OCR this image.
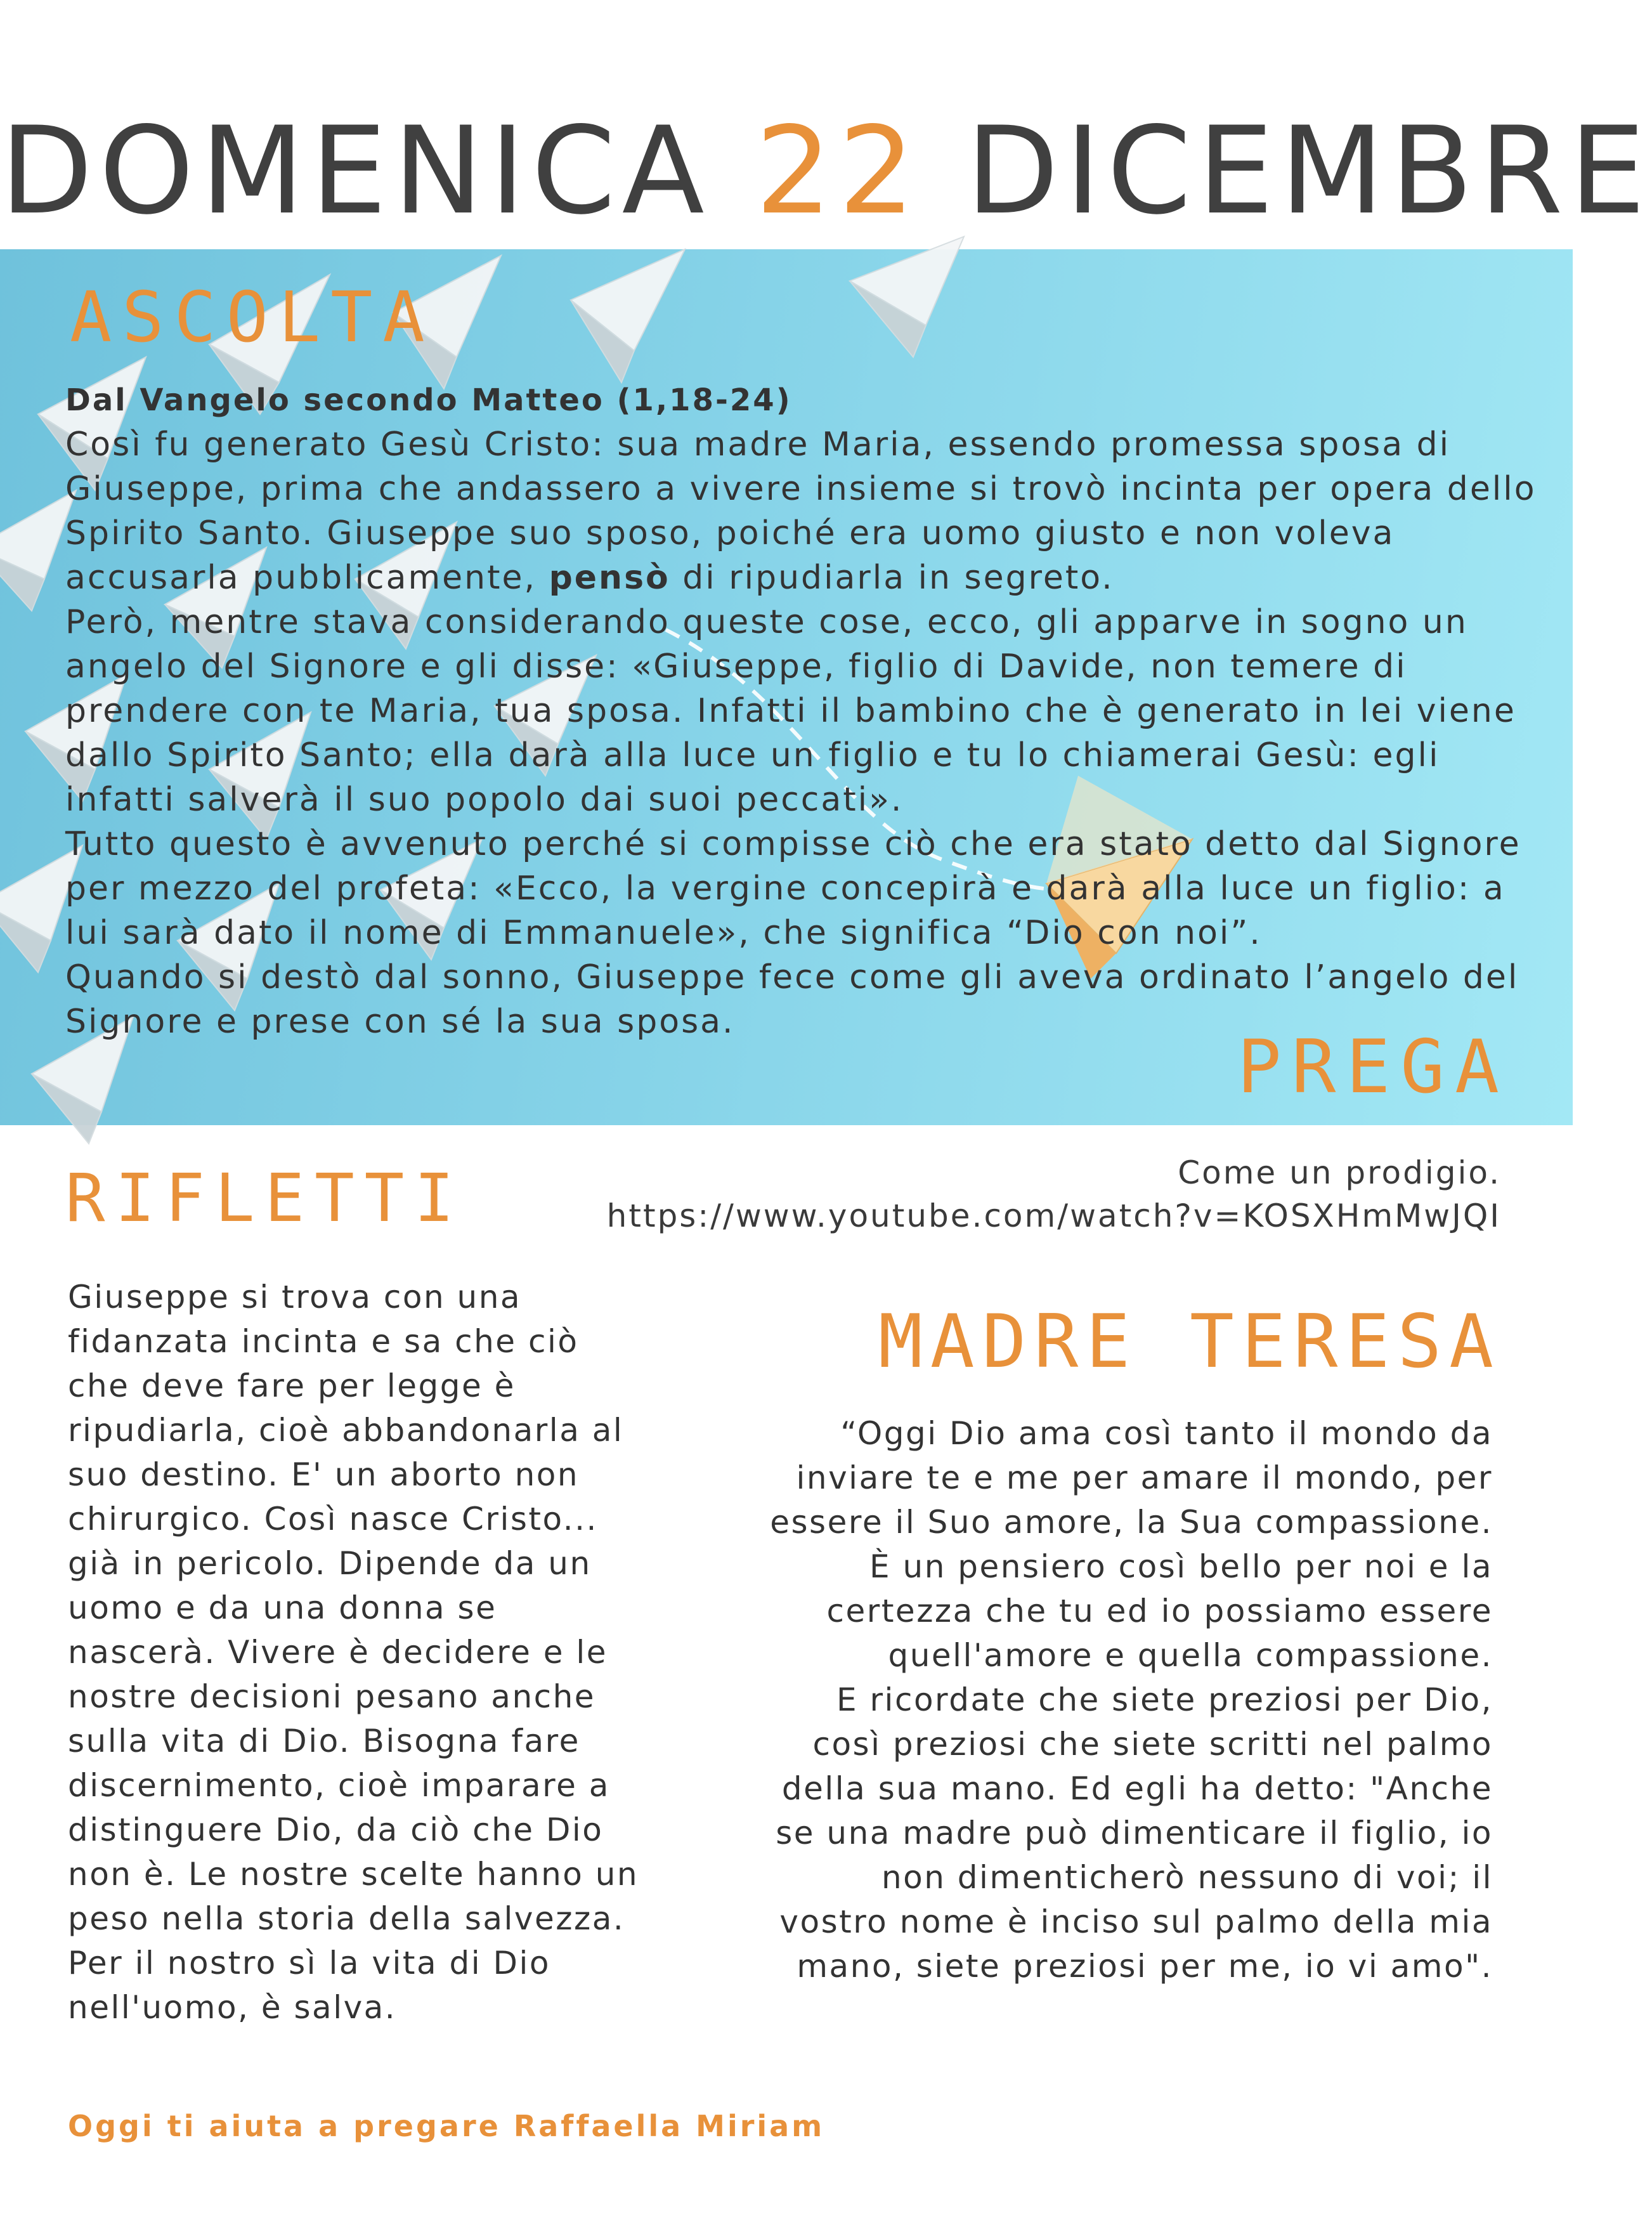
DOMENICA 22 DICEMBRE
ASCOLTA

Dal Vangelo secondo Matteo (1,18-24)

Così fu generato Gesù Cristo: sua madre Maria, essendo promessa sposa di Giuseppe, prima che andassero a vivere insieme si trovò incinta per opera dello Spirito Santo. Giuseppe suo sposo, poiché era uomo giusto e non voleva accusarla pubblicamente, pensò di ripudiarla in segreto.

Però, mentre stava considerando queste cose, ecco, gli apparve in sogno un angelo del Signore e gli disse: «Giuseppe, figlio di Davide, non temere di prendere con te Maria, tua sposa. Infatti il bambino che è generato in lei viene dallo Spirito Santo; ella darà alla luce un figlio e tu lo chiamerai Gesù: egli infatti salverà il suo popolo dai suoi peccati».

Tutto questo è avvenuto perché si compisse ciò che era stato detto dal Signore per mezzo del profeta: «Ecco, la vergine concepirà e darà alla luce un figlio: a lui sarà dato il nome di Emmanuele», che significa “Dio con noi”.

Quando si destò dal sonno, Giuseppe fece come gli aveva ordinato l’angelo del Signore e prese con sé la sua sposa.

PREGA
Come un prodigio.
https://www.youtube.com/watch?v=KOSXHmMwJQI
RIFLETTI
Giuseppe si trova con una fidanzata incinta e sa che ciò che deve fare per legge è ripudiarla, cioè abbandonarla al suo destino. E' un aborto non chirurgico. Così nasce Cristo... già in pericolo. Dipende da un uomo e da una donna se nascerà. Vivere è decidere e le nostre decisioni pesano anche sulla vita di Dio. Bisogna fare discernimento, cioè imparare a distinguere Dio, da ciò che Dio non è. Le nostre scelte hanno un peso nella storia della salvezza. Per il nostro sì la vita di Dio nell'uomo, è salva.
MADRE TERESA

“Oggi Dio ama così tanto il mondo da inviare te e me per amare il mondo, per essere il Suo amore, la Sua compassione. È un pensiero così bello per noi e la certezza che tu ed io possiamo essere quell'amore e quella compassione.

E ricordate che siete preziosi per Dio, così preziosi che siete scritti nel palmo della sua mano. Ed egli ha detto: "Anche se una madre può dimenticare il figlio, io non dimenticherò nessuno di voi; il vostro nome è inciso sul palmo della mia mano, siete preziosi per me, io vi amo".

Oggi ti aiuta a pregare Raffaella Miriam
